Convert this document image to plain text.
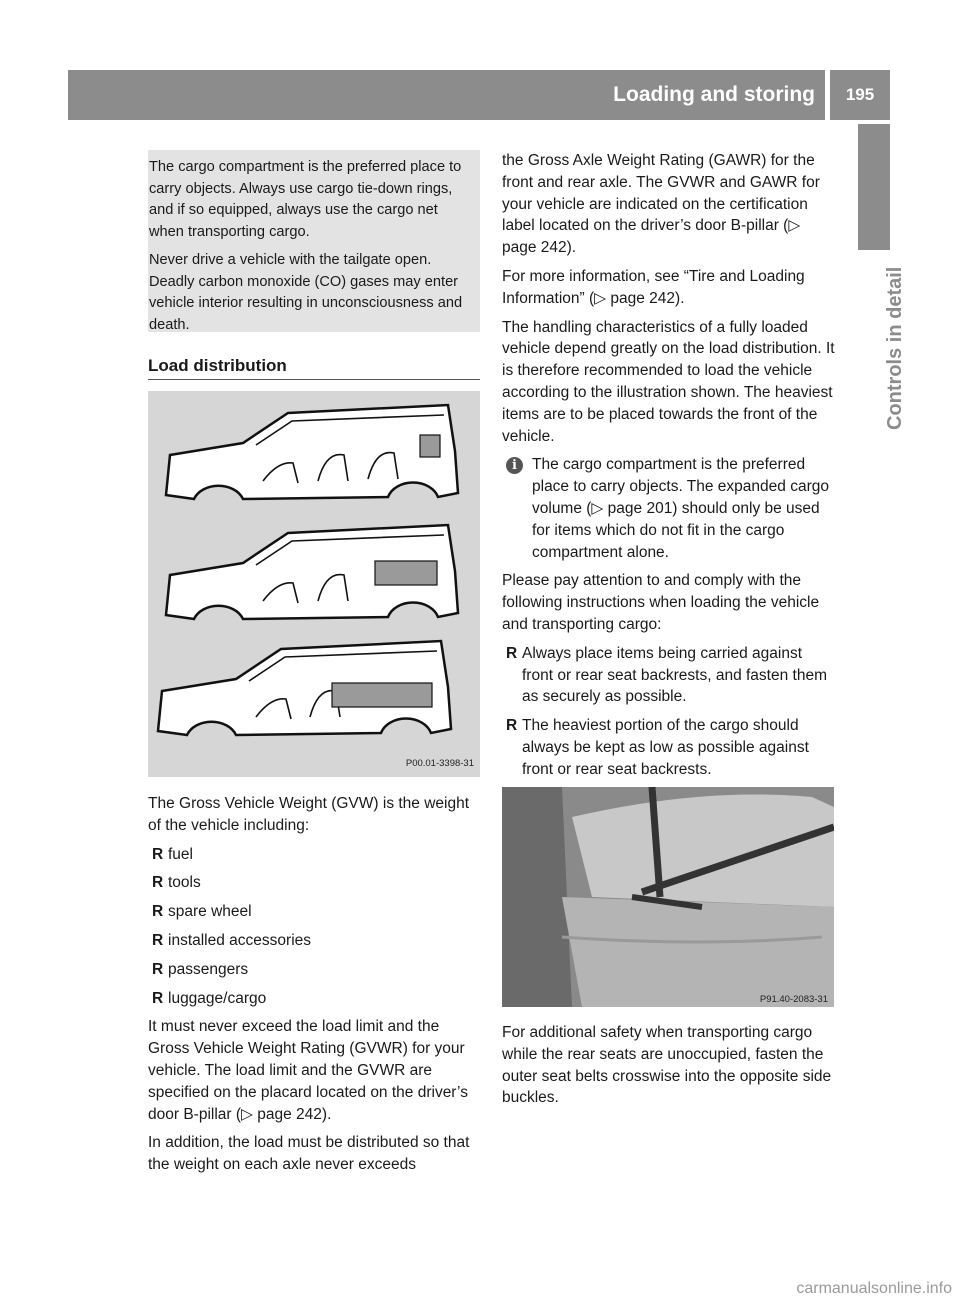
Loading and storing	195
Controls in detail

The cargo compartment is the preferred place to carry objects. Always use cargo tie-down rings, and if so equipped, always use the cargo net when transporting cargo.

Never drive a vehicle with the tailgate open. Deadly carbon monoxide (CO) gases may enter vehicle interior resulting in unconsciousness and death.

Load distribution
P00.01-3398-31

The Gross Vehicle Weight (GVW) is the weight of the vehicle including:

R fuel
R tools
R spare wheel
R installed accessories
R passengers
R luggage/cargo

It must never exceed the load limit and the Gross Vehicle Weight Rating (GVWR) for your vehicle. The load limit and the GVWR are specified on the placard located on the driver’s door B-pillar (▷ page 242).

In addition, the load must be distributed so that the weight on each axle never exceeds

the Gross Axle Weight Rating (GAWR) for the front and rear axle. The GVWR and GAWR for your vehicle are indicated on the certification label located on the driver’s door B-pillar (▷ page 242).

For more information, see “Tire and Loading Information” (▷ page 242).

The handling characteristics of a fully loaded vehicle depend greatly on the load distribution. It is therefore recommended to load the vehicle according to the illustration shown. The heaviest items are to be placed towards the front of the vehicle.

i The cargo compartment is the preferred place to carry objects. The expanded cargo volume (▷ page 201) should only be used for items which do not fit in the cargo compartment alone.

Please pay attention to and comply with the following instructions when loading the vehicle and transporting cargo:

R Always place items being carried against front or rear seat backrests, and fasten them as securely as possible.
R The heaviest portion of the cargo should always be kept as low as possible against front or rear seat backrests.
P91.40-2083-31

For additional safety when transporting cargo while the rear seats are unoccupied, fasten the outer seat belts crosswise into the opposite side buckles.

carmanualsonline.info
